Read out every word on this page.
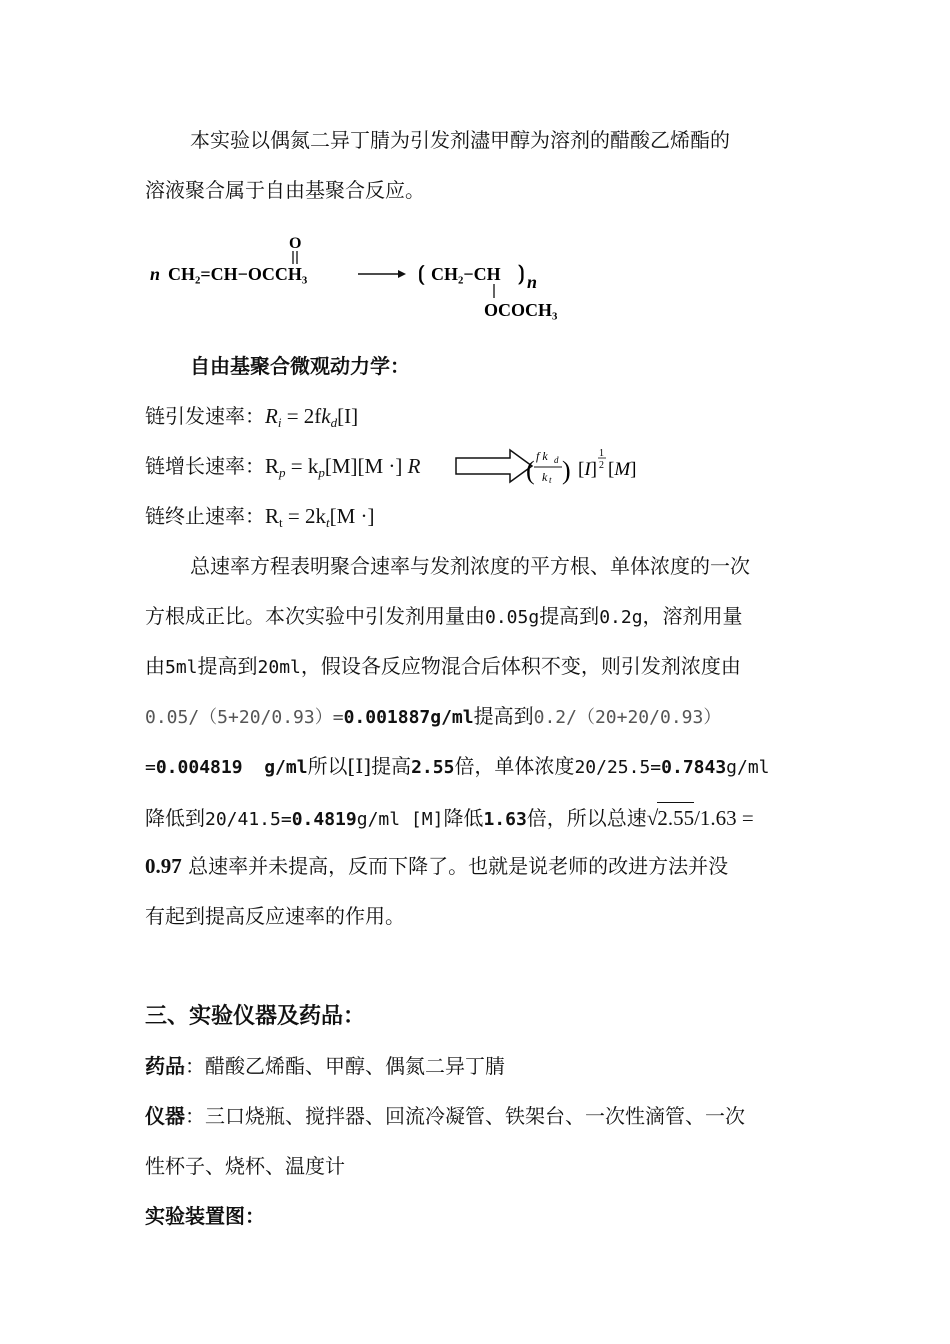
本实验以偶氮二异丁腈为引发剂濜甲醇为溶剂的醋酸乙烯酯的
溶液聚合属于自由基聚合反应。
n CH₂=CH−OCCH₃
O
⟮ CH₂−CH ⟯ n
OCOCH₃
自由基聚合微观动力学：
链引发速率：$R_i = 2fk_d[I]$
链增长速率：$R_p = k_p[M][M$ ·] R	( f k d
k t ) [I]
1
2 [M]
链终止速率：$R_t = 2k_t[M$ ·]
总速率方程表明聚合速率与发剂浓度的平方根、单体浓度的一次
方根成正比。本次实验中引发剂用量由0.05g提高到0.2g，溶剂用量
由5ml提高到20ml，假设各反应物混合后体积不变，则引发剂浓度由
0.05/（5+20/0.93）=0.001887g/ml提高到0.2/（20+20/0.93）
=0.004819  g/ml所以[I]提高2.55倍，单体浓度20/25.5=0.7843g/ml
降低到20/41.5=0.4819g/ml [M]降低1.63倍，所以总速√2.55/1.63 =
0.97 总速率并未提高，反而下降了。也就是说老师的改进方法并没
有起到提高反应速率的作用。
三、实验仪器及药品：
药品：醋酸乙烯酯、甲醇、偶氮二异丁腈
仪器：三口烧瓶、搅拌器、回流冷凝管、铁架台、一次性滴管、一次
性杯子、烧杯、温度计
实验装置图：
